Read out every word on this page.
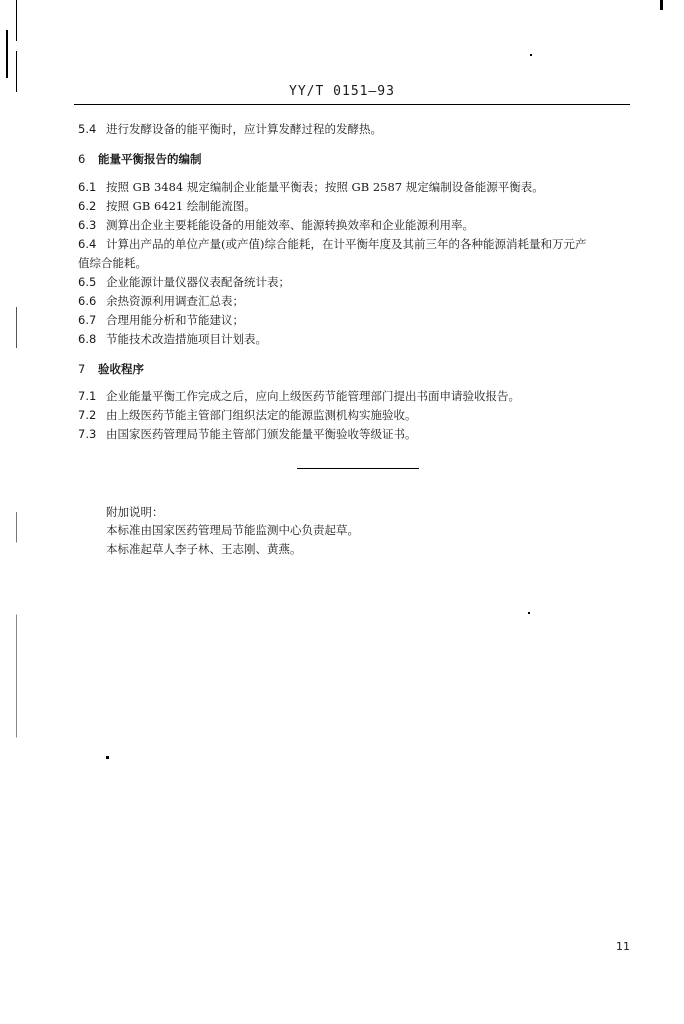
YY/T 0151—93
5.4 进行发酵设备的能平衡时，应计算发酵过程的发酵热。
6 能量平衡报告的编制
6.1 按照 GB 3484 规定编制企业能量平衡表；按照 GB 2587 规定编制设备能源平衡表。
6.2 按照 GB 6421 绘制能流图。
6.3 测算出企业主要耗能设备的用能效率、能源转换效率和企业能源利用率。
6.4 计算出产品的单位产量(或产值)综合能耗，在计平衡年度及其前三年的各种能源消耗量和万元产
值综合能耗。
6.5 企业能源计量仪器仪表配备统计表；
6.6 余热资源利用调查汇总表；
6.7 合理用能分析和节能建议；
6.8 节能技术改造措施项目计划表。
7 验收程序
7.1 企业能量平衡工作完成之后，应向上级医药节能管理部门提出书面申请验收报告。
7.2 由上级医药节能主管部门组织法定的能源监测机构实施验收。
7.3 由国家医药管理局节能主管部门颁发能量平衡验收等级证书。
附加说明：
本标准由国家医药管理局节能监测中心负责起草。
本标准起草人李子林、王志刚、黄燕。
11
